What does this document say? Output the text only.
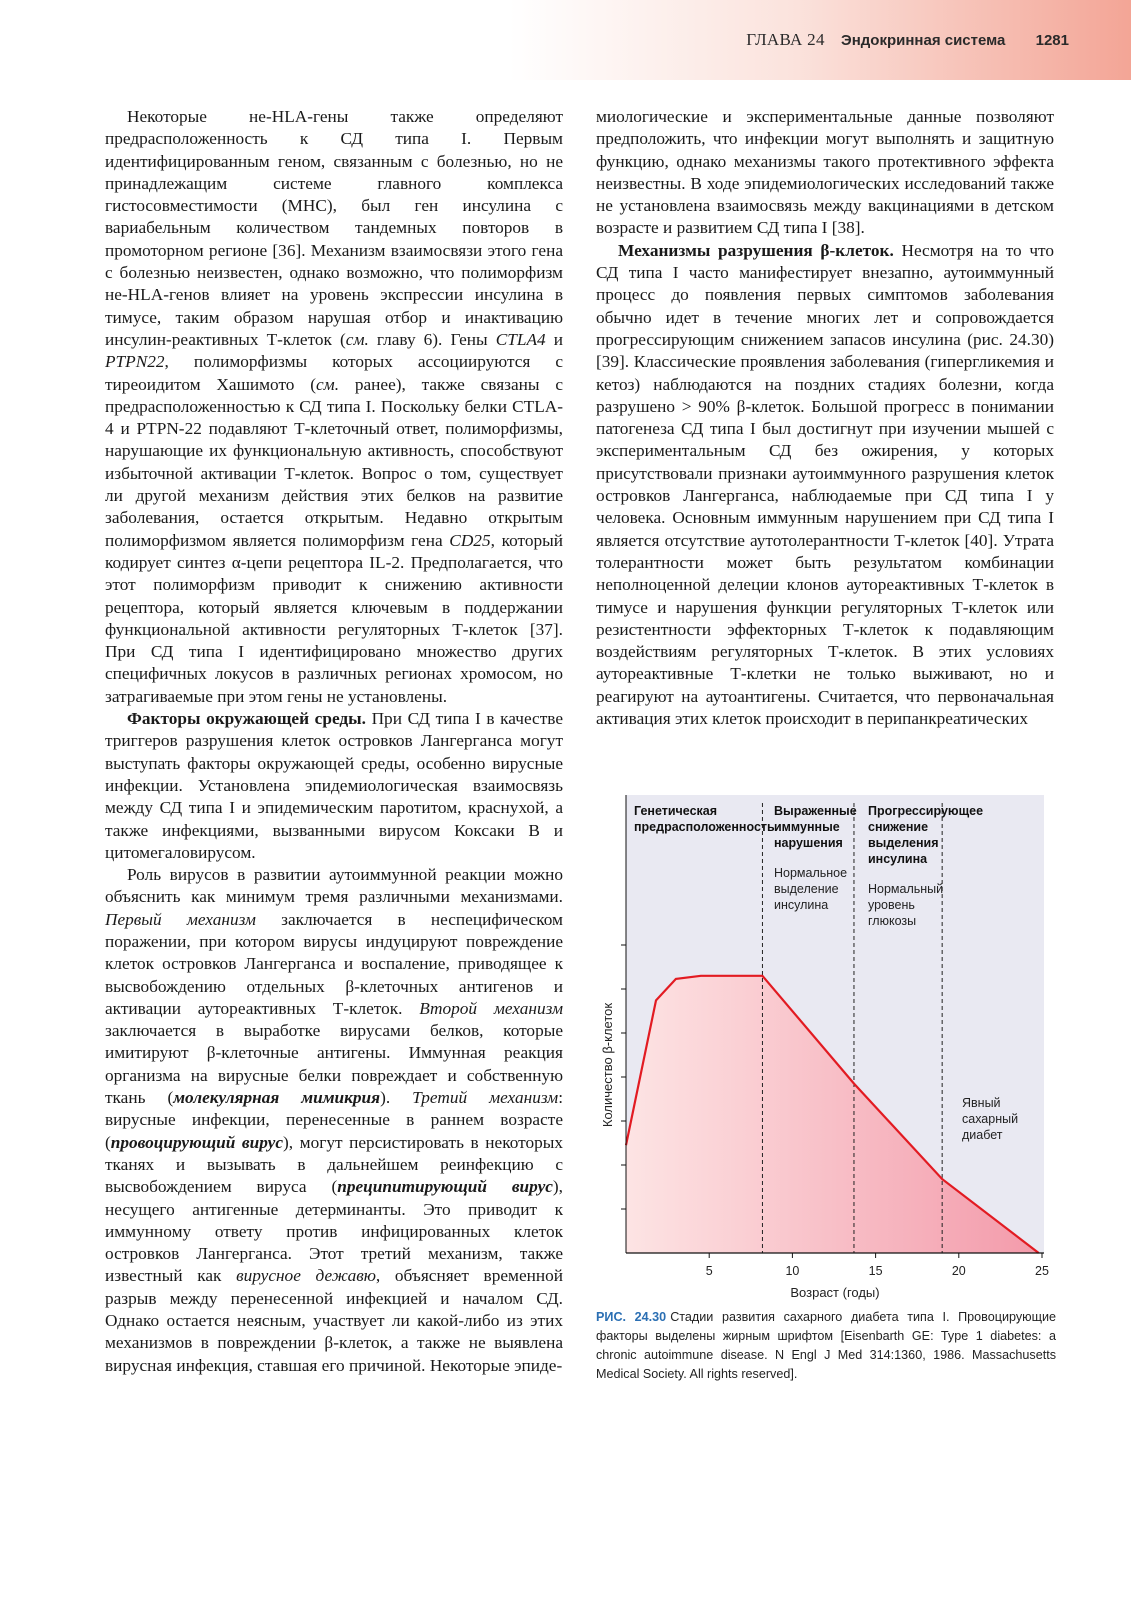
ГЛАВА 24 Эндокринная система 1281

Некоторые не-HLA-гены также определяют предрасположенность к СД типа I. Первым идентифицированным геном, связанным с болезнью, но не принадлежащим системе главного комплекса гистосовместимости (MHC), был ген инсулина с вариабельным количеством тандемных повторов в промоторном регионе [36]. Механизм взаимосвязи этого гена с болезнью неизвестен, однако возможно, что полиморфизм не-HLA-генов влияет на уровень экспрессии инсулина в тимусе, таким образом нарушая отбор и инактивацию инсулин-реактивных Т-клеток (см. главу 6). Гены CTLA4 и PTPN22, полиморфизмы которых ассоциируются с тиреоидитом Хашимото (см. ранее), также связаны с предрасположенностью к СД типа I. Поскольку белки CTLA-4 и PTPN-22 подавляют Т-клеточный ответ, полиморфизмы, нарушающие их функциональную активность, способствуют избыточной активации Т-клеток. Вопрос о том, существует ли другой механизм действия этих белков на развитие заболевания, остается открытым. Недавно открытым полиморфизмом является полиморфизм гена CD25, который кодирует синтез α-цепи рецептора IL-2. Предполагается, что этот полиморфизм приводит к снижению активности рецептора, который является ключевым в поддержании функциональной активности регуляторных Т-клеток [37]. При СД типа I идентифицировано множество других специфичных локусов в различных регионах хромосом, но затрагиваемые при этом гены не установлены.

Факторы окружающей среды. При СД типа I в качестве триггеров разрушения клеток островков Лангерганса могут выступать факторы окружающей среды, особенно вирусные инфекции. Установлена эпидемиологическая взаимосвязь между СД типа I и эпидемическим паротитом, краснухой, а также инфекциями, вызванными вирусом Коксаки В и цитомегаловирусом.

Роль вирусов в развитии аутоиммунной реакции можно объяснить как минимум тремя различными механизмами. Первый механизм заключается в неспецифическом поражении, при котором вирусы индуцируют повреждение клеток островков Лангерганса и воспаление, приводящее к высвобождению отдельных β-клеточных антигенов и активации аутореактивных Т-клеток. Второй механизм заключается в выработке вирусами белков, которые имитируют β-клеточные антигены. Иммунная реакция организма на вирусные белки повреждает и собственную ткань (молекулярная мимикрия). Третий механизм: вирусные инфекции, перенесенные в раннем возрасте (провоцирующий вирус), могут персистировать в некоторых тканях и вызывать в дальнейшем реинфекцию с высвобождением вируса (преципитирующий вирус), несущего антигенные детерминанты. Это приводит к иммунному ответу против инфицированных клеток островков Лангерганса. Этот третий механизм, также известный как вирусное дежавю, объясняет временной разрыв между перенесенной инфекцией и началом СД. Однако остается неясным, участвует ли какой-либо из этих механизмов в повреждении β-клеток, а также не выявлена вирусная инфекция, ставшая его причиной. Некоторые эпиде-

миологические и экспериментальные данные позволяют предположить, что инфекции могут выполнять и защитную функцию, однако механизмы такого протективного эффекта неизвестны. В ходе эпидемиологических исследований также не установлена взаимосвязь между вакцинациями в детском возрасте и развитием СД типа I [38].

Механизмы разрушения β-клеток. Несмотря на то что СД типа I часто манифестирует внезапно, аутоиммунный процесс до появления первых симптомов заболевания обычно идет в течение многих лет и сопровождается прогрессирующим снижением запасов инсулина (рис. 24.30) [39]. Классические проявления заболевания (гипергликемия и кетоз) наблюдаются на поздних стадиях болезни, когда разрушено > 90% β-клеток. Большой прогресс в понимании патогенеза СД типа I был достигнут при изучении мышей с экспериментальным СД без ожирения, у которых присутствовали признаки аутоиммунного разрушения клеток островков Лангерганса, наблюдаемые при СД типа I у человека. Основным иммунным нарушением при СД типа I является отсутствие аутотолерантности Т-клеток [40]. Утрата толерантности может быть результатом комбинации неполноценной делеции клонов аутореактивных Т-клеток в тимусе и нарушения функции регуляторных Т-клеток или резистентности эффекторных Т-клеток к подавляющим воздействиям регуляторных Т-клеток. В этих условиях аутореактивные Т-клетки не только выживают, но и реагируют на аутоантигены. Считается, что первоначальная активация этих клеток происходит в перипанкреатических

5	10	15	20	25
Генетическая
предрасположенность
Выраженные
иммунные
нарушения
Нормальное
выделение
инсулина
Прогрессирующее
снижение
выделения
инсулина
Нормальный
уровень
глюкозы
Явный
сахарный
диабет
Количество β-клеток
Возраст (годы)
РИС. 24.30 Стадии развития сахарного диабета типа I. Провоцирующие факторы выделены жирным шрифтом [Eisenbarth GE: Type 1 diabetes: a chronic autoimmune disease. N Engl J Med 314:1360, 1986. Massachusetts Medical Society. All rights reserved].
